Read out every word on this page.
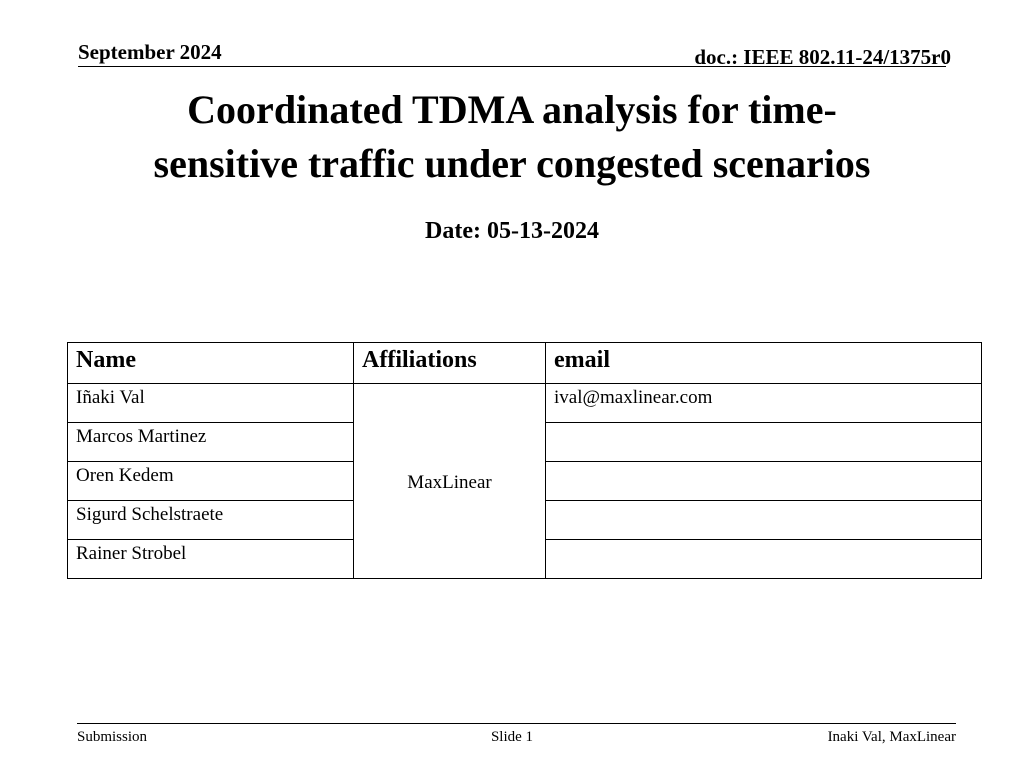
September 2024	doc.: IEEE 802.11-24/1375r0
Coordinated TDMA analysis for time-
sensitive traffic under congested scenarios
Date: 05-13-2024
Name	Affiliations	email
Iñaki Val	MaxLinear	ival@maxlinear.com
Marcos Martinez		
Oren Kedem		
Sigurd Schelstraete		
Rainer Strobel		
Submission	Slide 1	Inaki Val, MaxLinear
